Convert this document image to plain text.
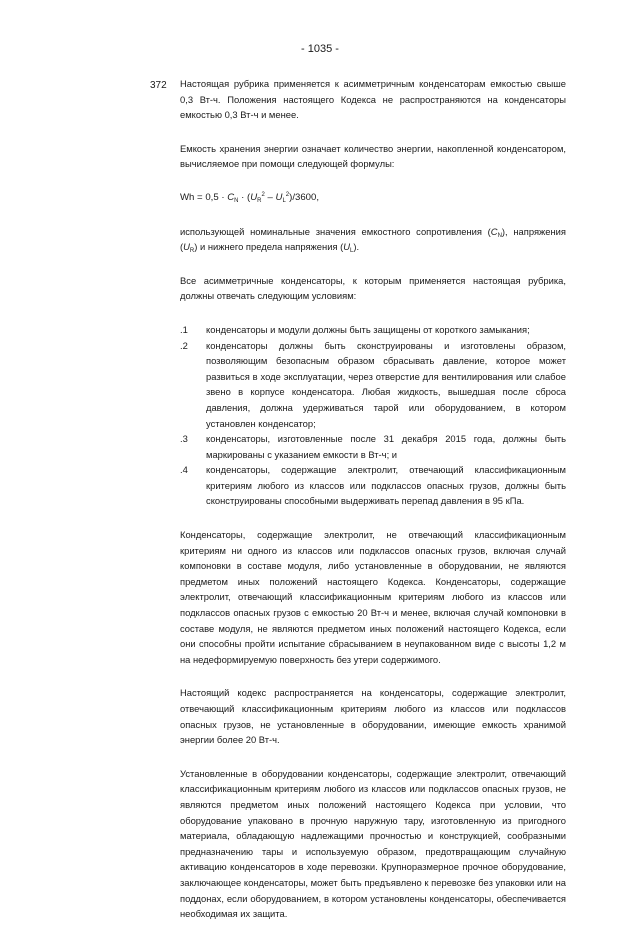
- 1035 -
372 Настоящая рубрика применяется к асимметричным конденсаторам емкостью свыше 0,3 Вт-ч. Положения настоящего Кодекса не распространяются на конденсаторы емкостью 0,3 Вт-ч и менее.

Емкость хранения энергии означает количество энергии, накопленной конденсатором, вычисляемое при помощи следующей формулы:

$Wh = 0,5 \cdot C_N \cdot (U_R^2 - U_L^2)/3600$,

использующей номинальные значения емкостного сопротивления $(C_N)$, напряжения $(U_R)$ и нижнего предела напряжения $(U_L)$.

Все асимметричные конденсаторы, к которым применяется настоящая рубрика, должны отвечать следующим условиям:

.1	конденсаторы и модули должны быть защищены от короткого замыкания;
.2	конденсаторы должны быть сконструированы и изготовлены образом, позволяющим безопасным образом сбрасывать давление, которое может развиться в ходе эксплуатации, через отверстие для вентилирования или слабое звено в корпусе конденсатора. Любая жидкость, вышедшая после сброса давления, должна удерживаться тарой или оборудованием, в котором установлен конденсатор;
.3	конденсаторы, изготовленные после 31 декабря 2015 года, должны быть маркированы с указанием емкости в Вт-ч; и
.4	конденсаторы, содержащие электролит, отвечающий классификационным критериям любого из классов или подклассов опасных грузов, должны быть сконструированы способными выдерживать перепад давления в 95 кПа.

Конденсаторы, содержащие электролит, не отвечающий классификационным критериям ни одного из классов или подклассов опасных грузов, включая случай компоновки в составе модуля, либо установленные в оборудовании, не являются предметом иных положений настоящего Кодекса. Конденсаторы, содержащие электролит, отвечающий классификационным критериям любого из классов или подклассов опасных грузов с емкостью 20 Вт-ч и менее, включая случай компоновки в составе модуля, не являются предметом иных положений настоящего Кодекса, если они способны пройти испытание сбрасыванием в неупакованном виде с высоты 1,2 м на недеформируемую поверхность без утери содержимого.

Настоящий кодекс распространяется на конденсаторы, содержащие электролит, отвечающий классификационным критериям любого из классов или подклассов опасных грузов, не установленные в оборудовании, имеющие емкость хранимой энергии более 20 Вт-ч.

Установленные в оборудовании конденсаторы, содержащие электролит, отвечающий классификационным критериям любого из классов или подклассов опасных грузов, не являются предметом иных положений настоящего Кодекса при условии, что оборудование упаковано в прочную наружную тару, изготовленную из пригодного материала, обладающую надлежащими прочностью и конструкцией, сообразными предназначению тары и используемую образом, предотвращающим случайную активацию конденсаторов в ходе перевозки. Крупноразмерное прочное оборудование, заключающее конденсаторы, может быть предъявлено к перевозке без упаковки или на поддонах, если оборудованием, в котором установлены конденсаторы, обеспечивается необходимая их защита.
